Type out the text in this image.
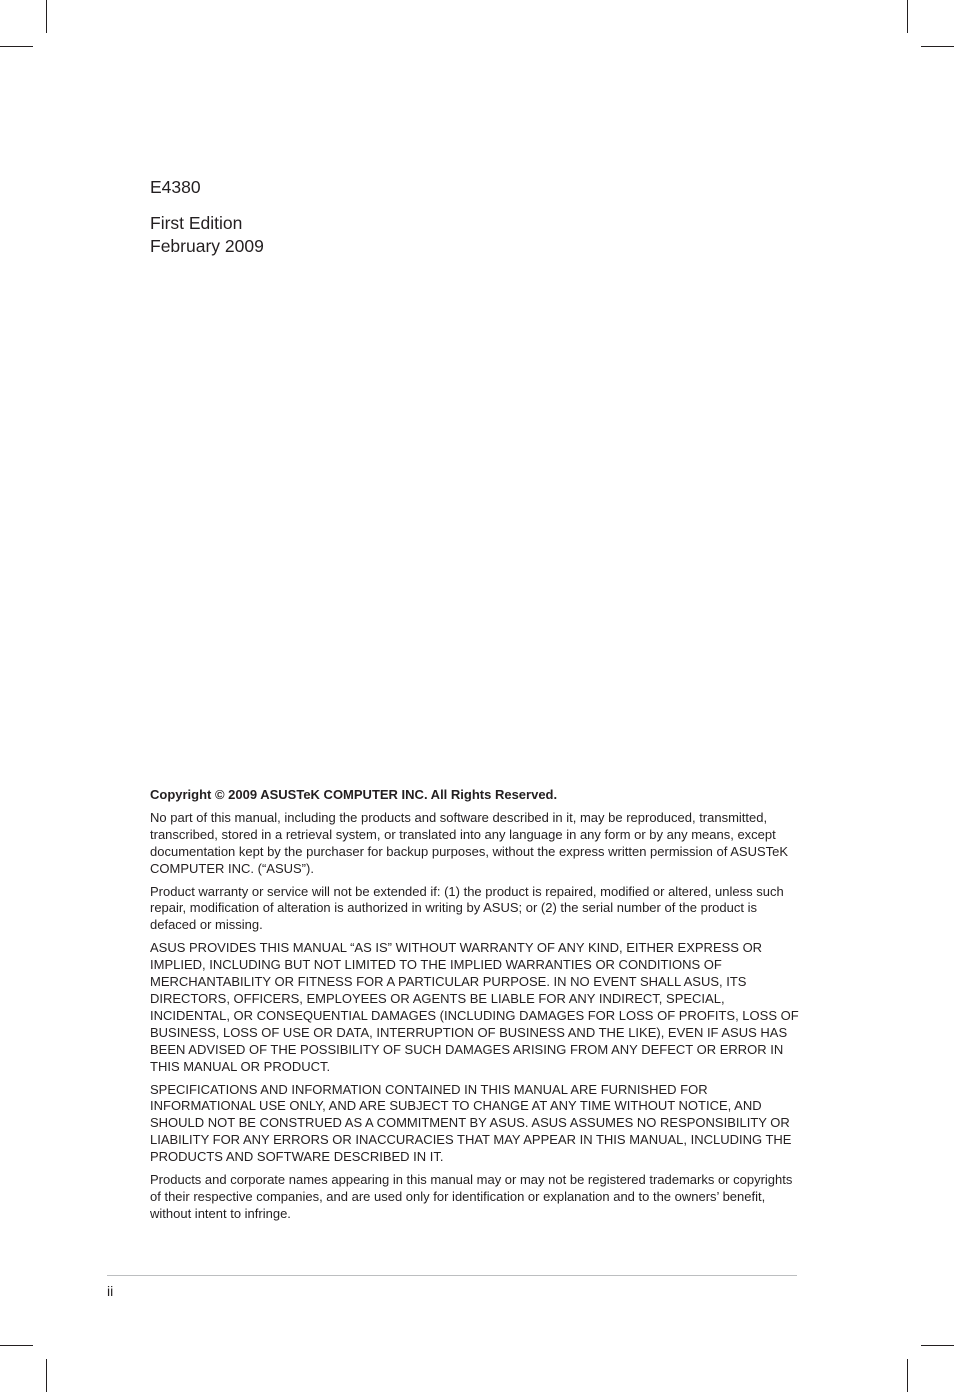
E4380

First Edition

February 2009

Copyright © 2009 ASUSTeK COMPUTER INC. All Rights Reserved.

No part of this manual, including the products and software described in it, may be reproduced, transmitted, transcribed, stored in a retrieval system, or translated into any language in any form or by any means, except documentation kept by the purchaser for backup purposes, without the express written permission of ASUSTeK COMPUTER INC. (“ASUS”).

Product warranty or service will not be extended if: (1) the product is repaired, modified or altered, unless such repair, modification of alteration is authorized in writing by ASUS; or (2) the serial number of the product is defaced or missing.

ASUS PROVIDES THIS MANUAL “AS IS” WITHOUT WARRANTY OF ANY KIND, EITHER EXPRESS OR IMPLIED, INCLUDING BUT NOT LIMITED TO THE IMPLIED WARRANTIES OR CONDITIONS OF MERCHANTABILITY OR FITNESS FOR A PARTICULAR PURPOSE. IN NO EVENT SHALL ASUS, ITS DIRECTORS, OFFICERS, EMPLOYEES OR AGENTS BE LIABLE FOR ANY INDIRECT, SPECIAL, INCIDENTAL, OR CONSEQUENTIAL DAMAGES (INCLUDING DAMAGES FOR LOSS OF PROFITS, LOSS OF BUSINESS, LOSS OF USE OR DATA, INTERRUPTION OF BUSINESS AND THE LIKE), EVEN IF ASUS HAS BEEN ADVISED OF THE POSSIBILITY OF SUCH DAMAGES ARISING FROM ANY DEFECT OR ERROR IN THIS MANUAL OR PRODUCT.

SPECIFICATIONS AND INFORMATION CONTAINED IN THIS MANUAL ARE FURNISHED FOR INFORMATIONAL USE ONLY, AND ARE SUBJECT TO CHANGE AT ANY TIME WITHOUT NOTICE, AND SHOULD NOT BE CONSTRUED AS A COMMITMENT BY ASUS. ASUS ASSUMES NO RESPONSIBILITY OR LIABILITY FOR ANY ERRORS OR INACCURACIES THAT MAY APPEAR IN THIS MANUAL, INCLUDING THE PRODUCTS AND SOFTWARE DESCRIBED IN IT.

Products and corporate names appearing in this manual may or may not be registered trademarks or copyrights of their respective companies, and are used only for identification or explanation and to the owners’ benefit, without intent to infringe.

ii
